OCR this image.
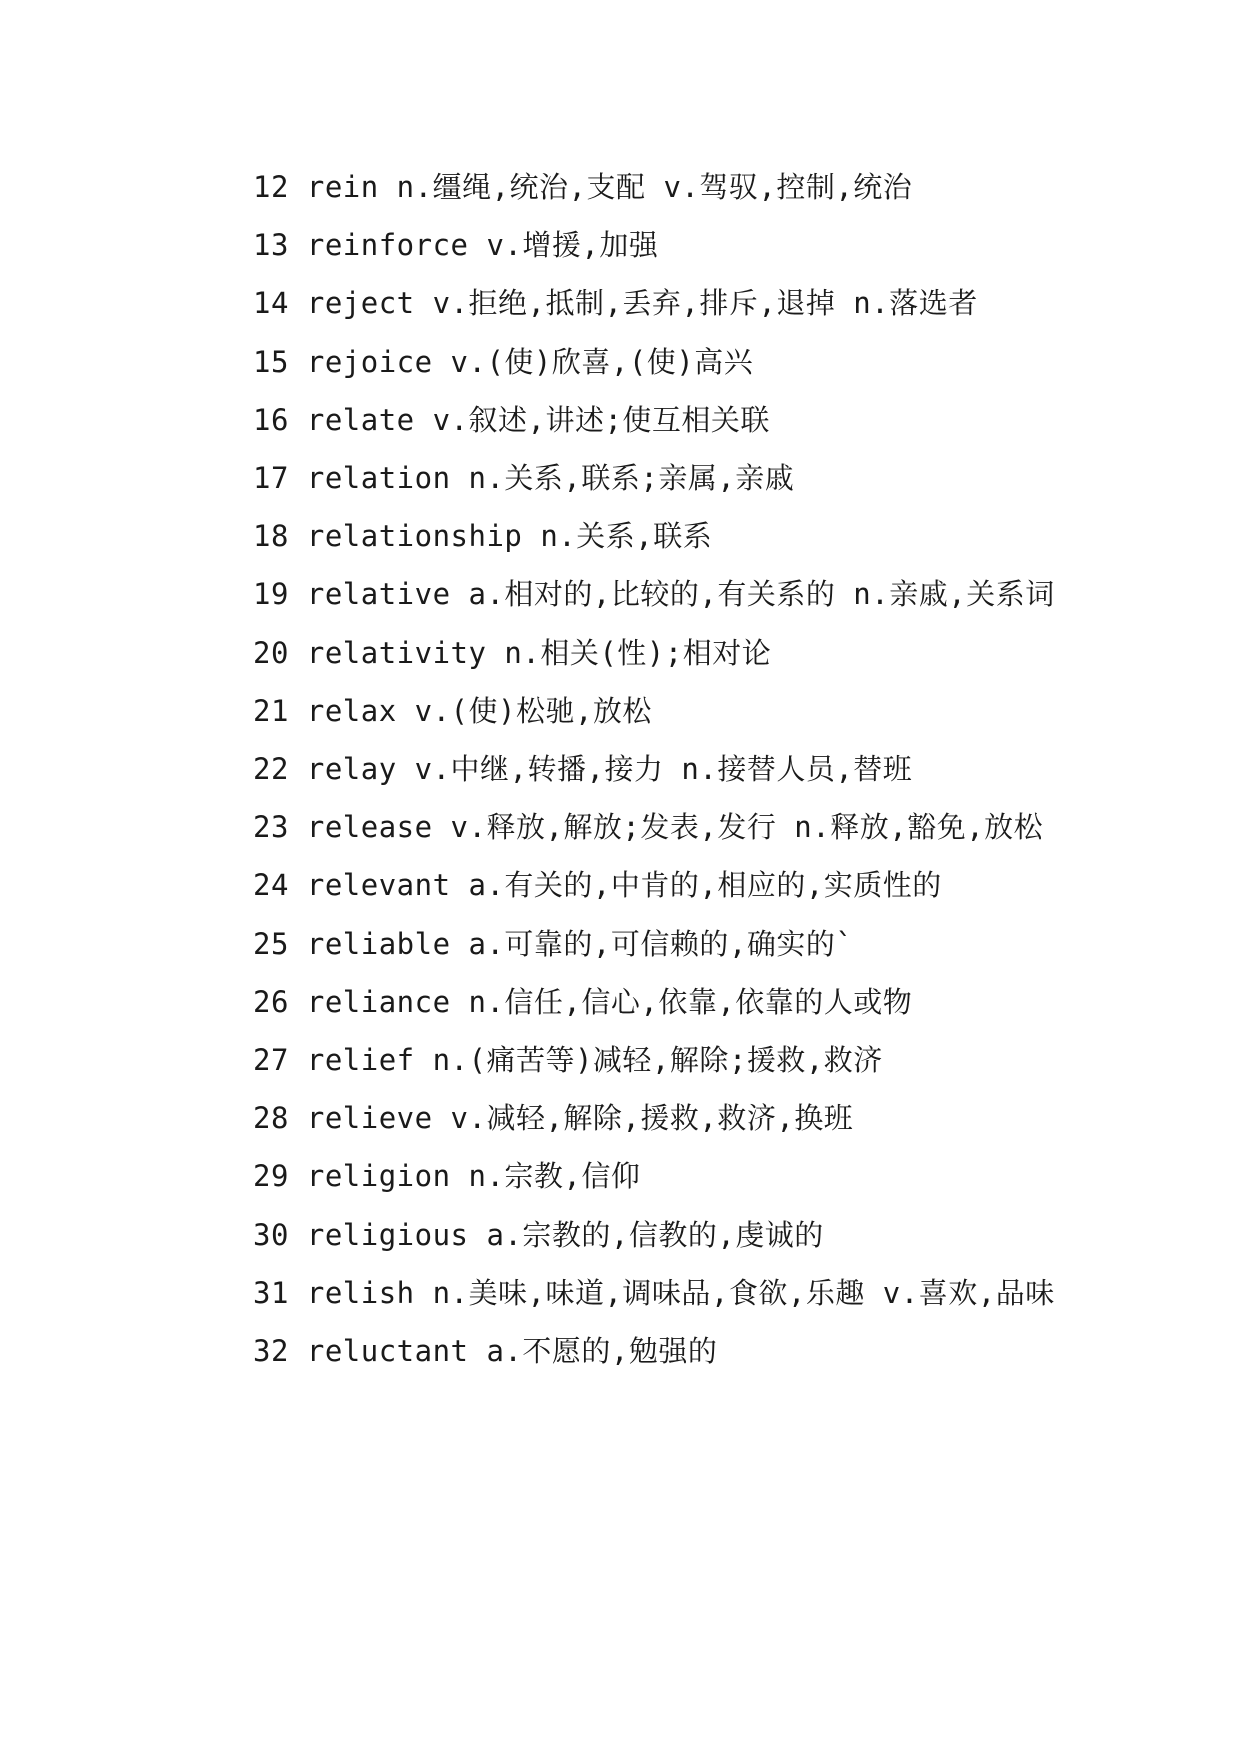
12 rein n.缰绳,统治,支配 v.驾驭,控制,统治

13 reinforce v.增援,加强

14 reject v.拒绝,抵制,丢弃,排斥,退掉 n.落选者

15 rejoice v.(使)欣喜,(使)高兴

16 relate v.叙述,讲述;使互相关联

17 relation n.关系,联系;亲属,亲戚

18 relationship n.关系,联系

19 relative a.相对的,比较的,有关系的 n.亲戚,关系词

20 relativity n.相关(性);相对论

21 relax v.(使)松驰,放松

22 relay v.中继,转播,接力 n.接替人员,替班

23 release v.释放,解放;发表,发行 n.释放,豁免,放松

24 relevant a.有关的,中肯的,相应的,实质性的

25 reliable a.可靠的,可信赖的,确实的`

26 reliance n.信任,信心,依靠,依靠的人或物

27 relief n.(痛苦等)减轻,解除;援救,救济

28 relieve v.减轻,解除,援救,救济,换班

29 religion n.宗教,信仰

30 religious a.宗教的,信教的,虔诚的

31 relish n.美味,味道,调味品,食欲,乐趣 v.喜欢,品味

32 reluctant a.不愿的,勉强的
